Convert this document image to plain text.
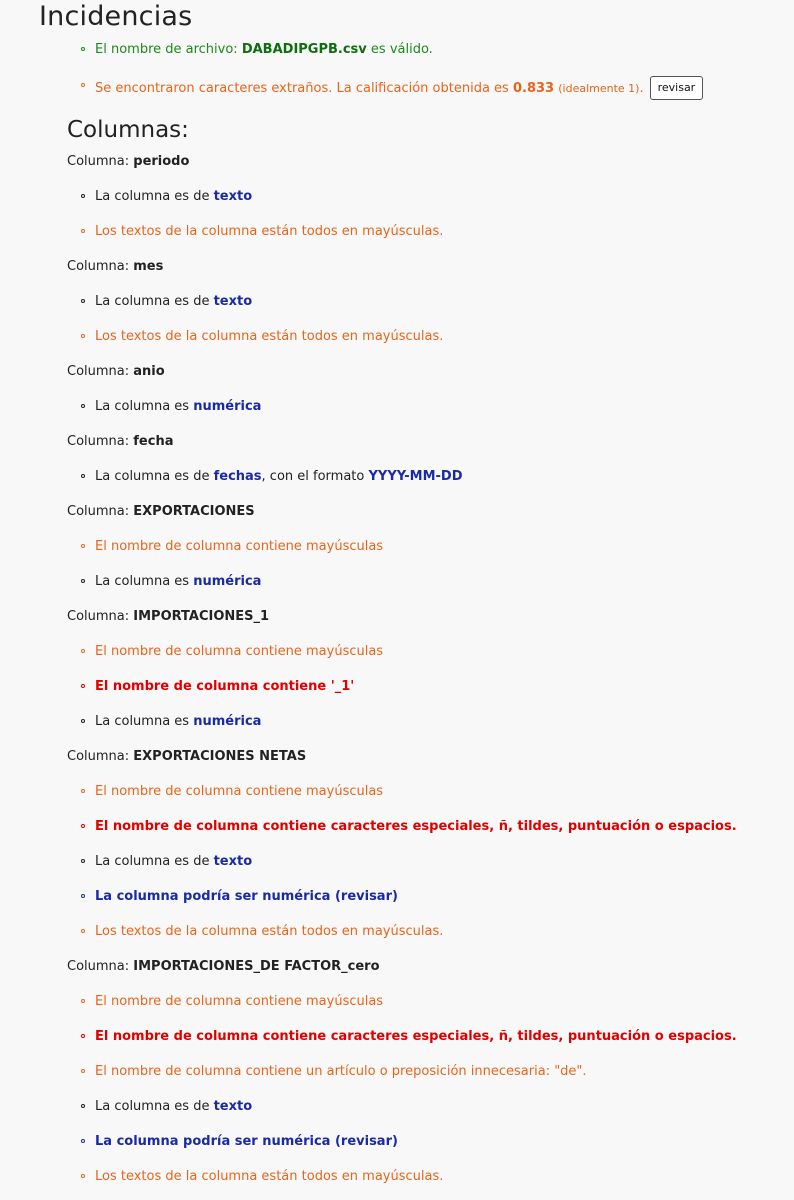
Incidencias
El nombre de archivo: DABADIPGPB.csv es válido.
Se encontraron caracteres extraños. La calificación obtenida es 0.833 (idealmente 1). revisar
Columnas:
Columna: periodo
La columna es de texto
Los textos de la columna están todos en mayúsculas.
Columna: mes
La columna es de texto
Los textos de la columna están todos en mayúsculas.
Columna: anio
La columna es numérica
Columna: fecha
La columna es de fechas, con el formato YYYY-MM-DD
Columna: EXPORTACIONES
El nombre de columna contiene mayúsculas
La columna es numérica
Columna: IMPORTACIONES_1
El nombre de columna contiene mayúsculas
El nombre de columna contiene '_1'
La columna es numérica
Columna: EXPORTACIONES NETAS
El nombre de columna contiene mayúsculas
El nombre de columna contiene caracteres especiales, ñ, tildes, puntuación o espacios.
La columna es de texto
La columna podría ser numérica (revisar)
Los textos de la columna están todos en mayúsculas.
Columna: IMPORTACIONES_DE FACTOR_cero
El nombre de columna contiene mayúsculas
El nombre de columna contiene caracteres especiales, ñ, tildes, puntuación o espacios.
El nombre de columna contiene un artículo o preposición innecesaria: "de".
La columna es de texto
La columna podría ser numérica (revisar)
Los textos de la columna están todos en mayúsculas.
